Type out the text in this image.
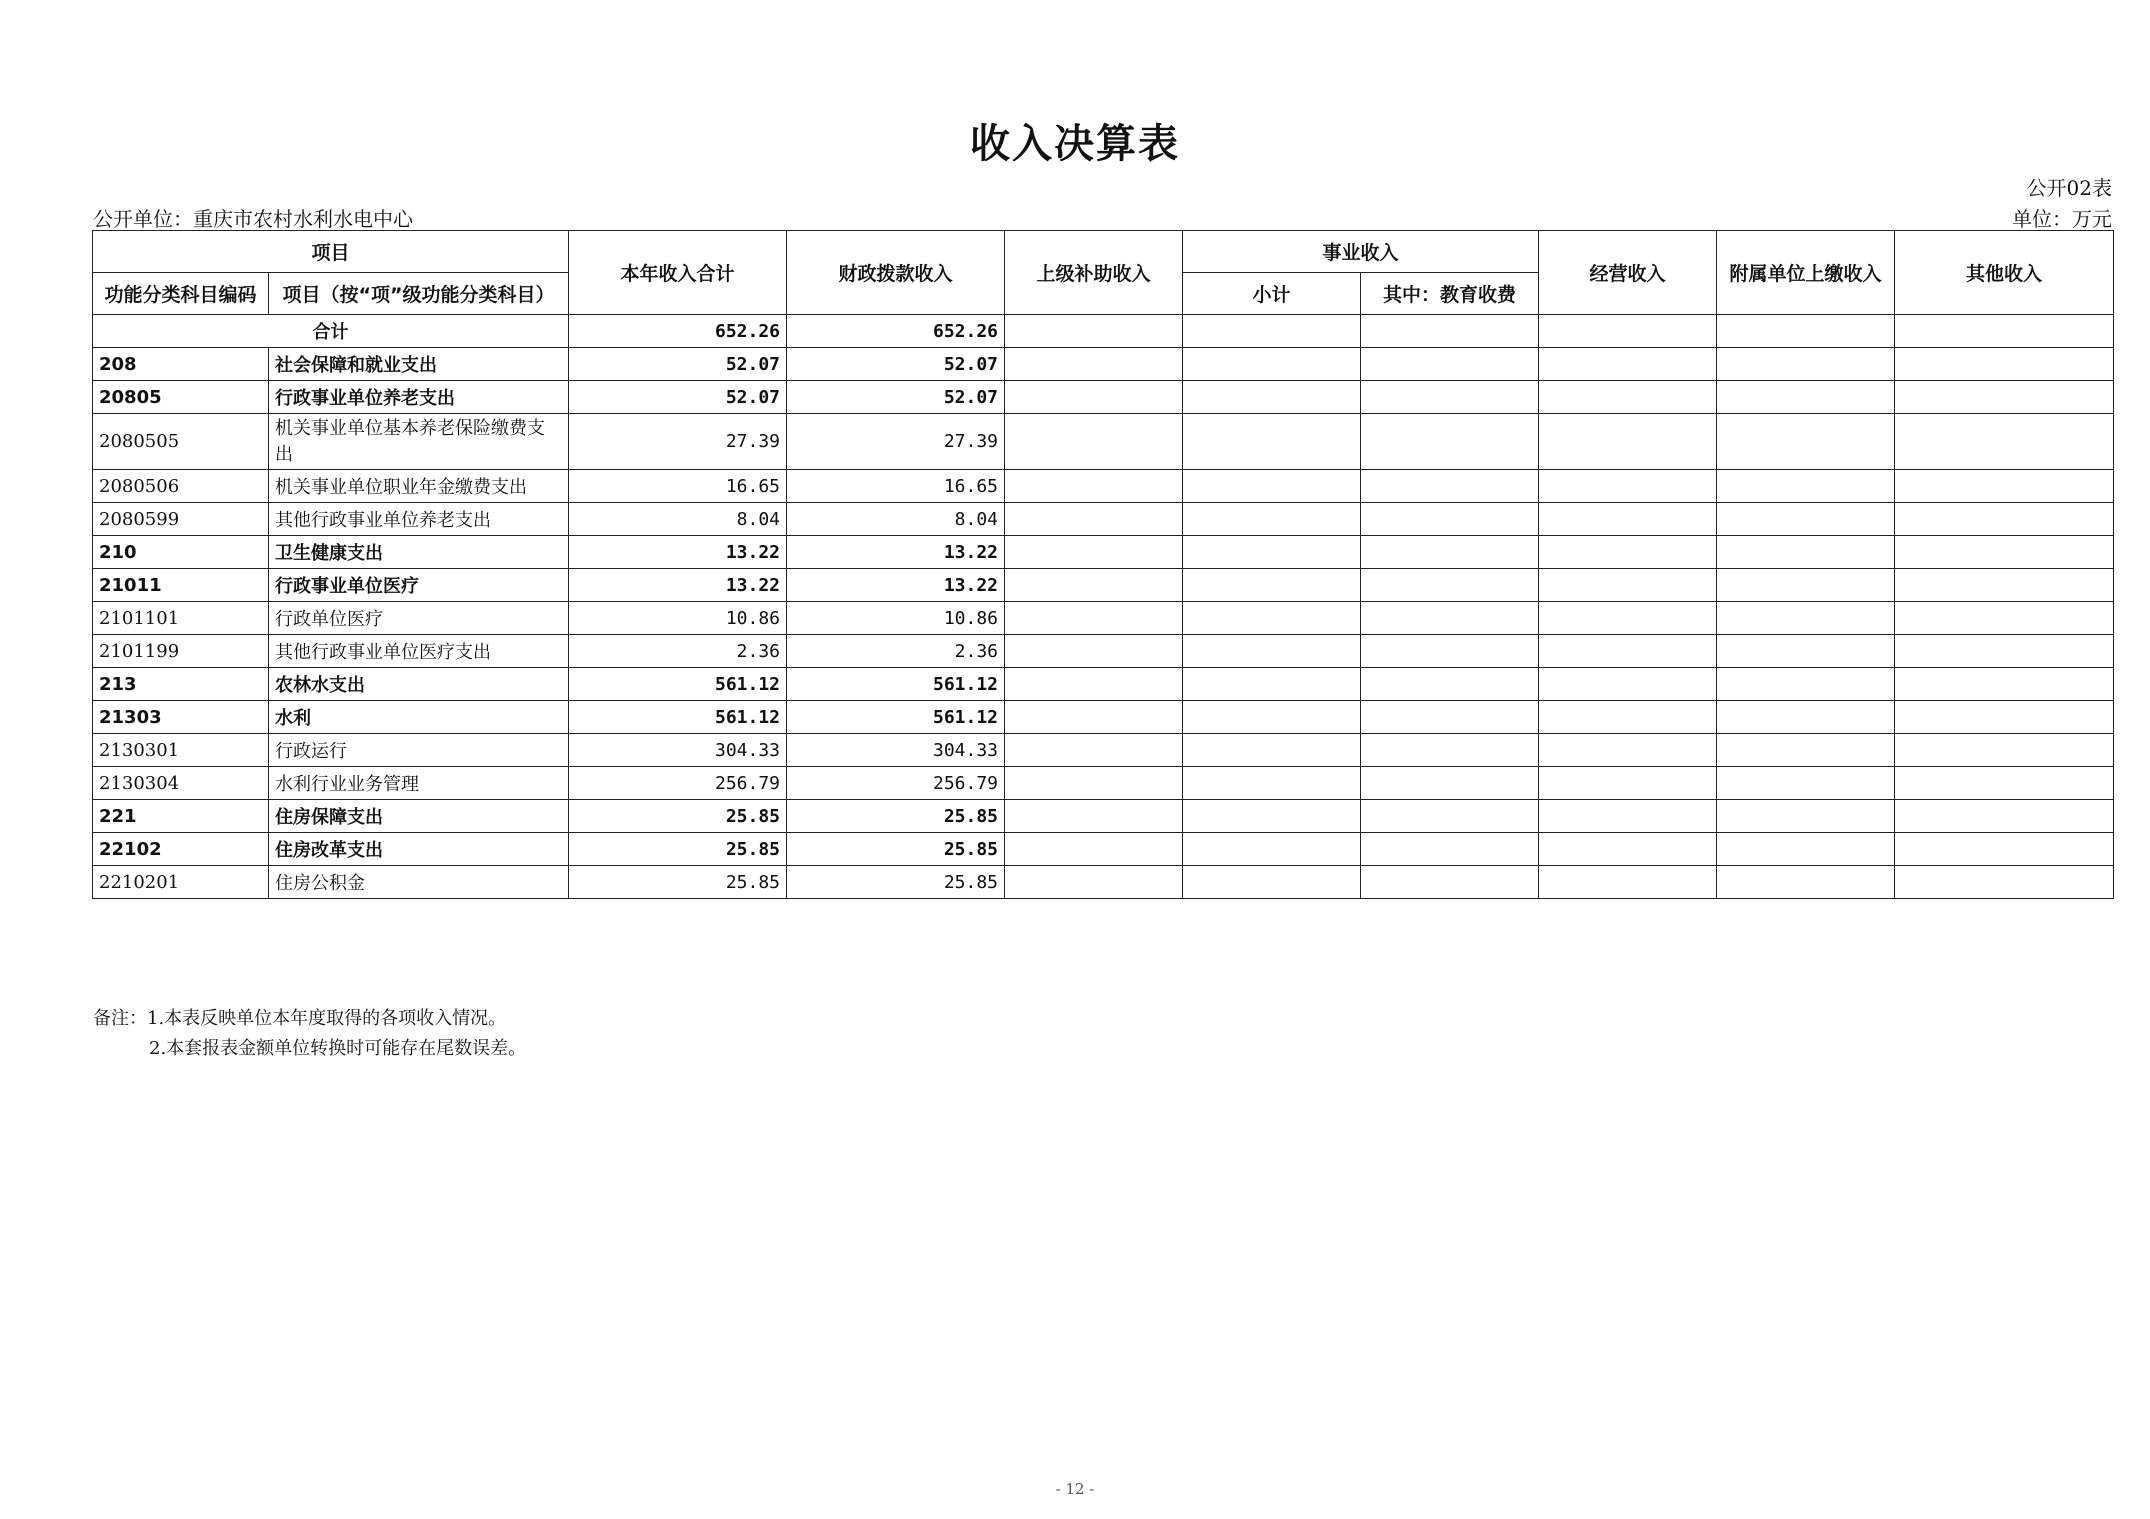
收入决算表
公开02表
公开单位：重庆市农村水利水电中心	单位：万元
项目		本年收入合计	财政拨款收入	上级补助收入	事业收入		经营收入	附属单位上缴收入	其他收入
功能分类科目编码	项目（按“项”级功能分类科目）				小计	其中：教育收费			

合计		652.26	652.26						
208	社会保障和就业支出	52.07	52.07						
20805	行政事业单位养老支出	52.07	52.07						
2080505	机关事业单位基本养老保险缴费支出	27.39	27.39						
2080506	机关事业单位职业年金缴费支出	16.65	16.65						
2080599	其他行政事业单位养老支出	8.04	8.04						
210	卫生健康支出	13.22	13.22						
21011	行政事业单位医疗	13.22	13.22						
2101101	行政单位医疗	10.86	10.86						
2101199	其他行政事业单位医疗支出	2.36	2.36						
213	农林水支出	561.12	561.12						
21303	水利	561.12	561.12						
2130301	行政运行	304.33	304.33						
2130304	水利行业业务管理	256.79	256.79						
221	住房保障支出	25.85	25.85						
22102	住房改革支出	25.85	25.85						
2210201	住房公积金	25.85	25.85						
备注：1.本表反映单位本年度取得的各项收入情况。
2.本套报表金额单位转换时可能存在尾数误差。
- 12 -
